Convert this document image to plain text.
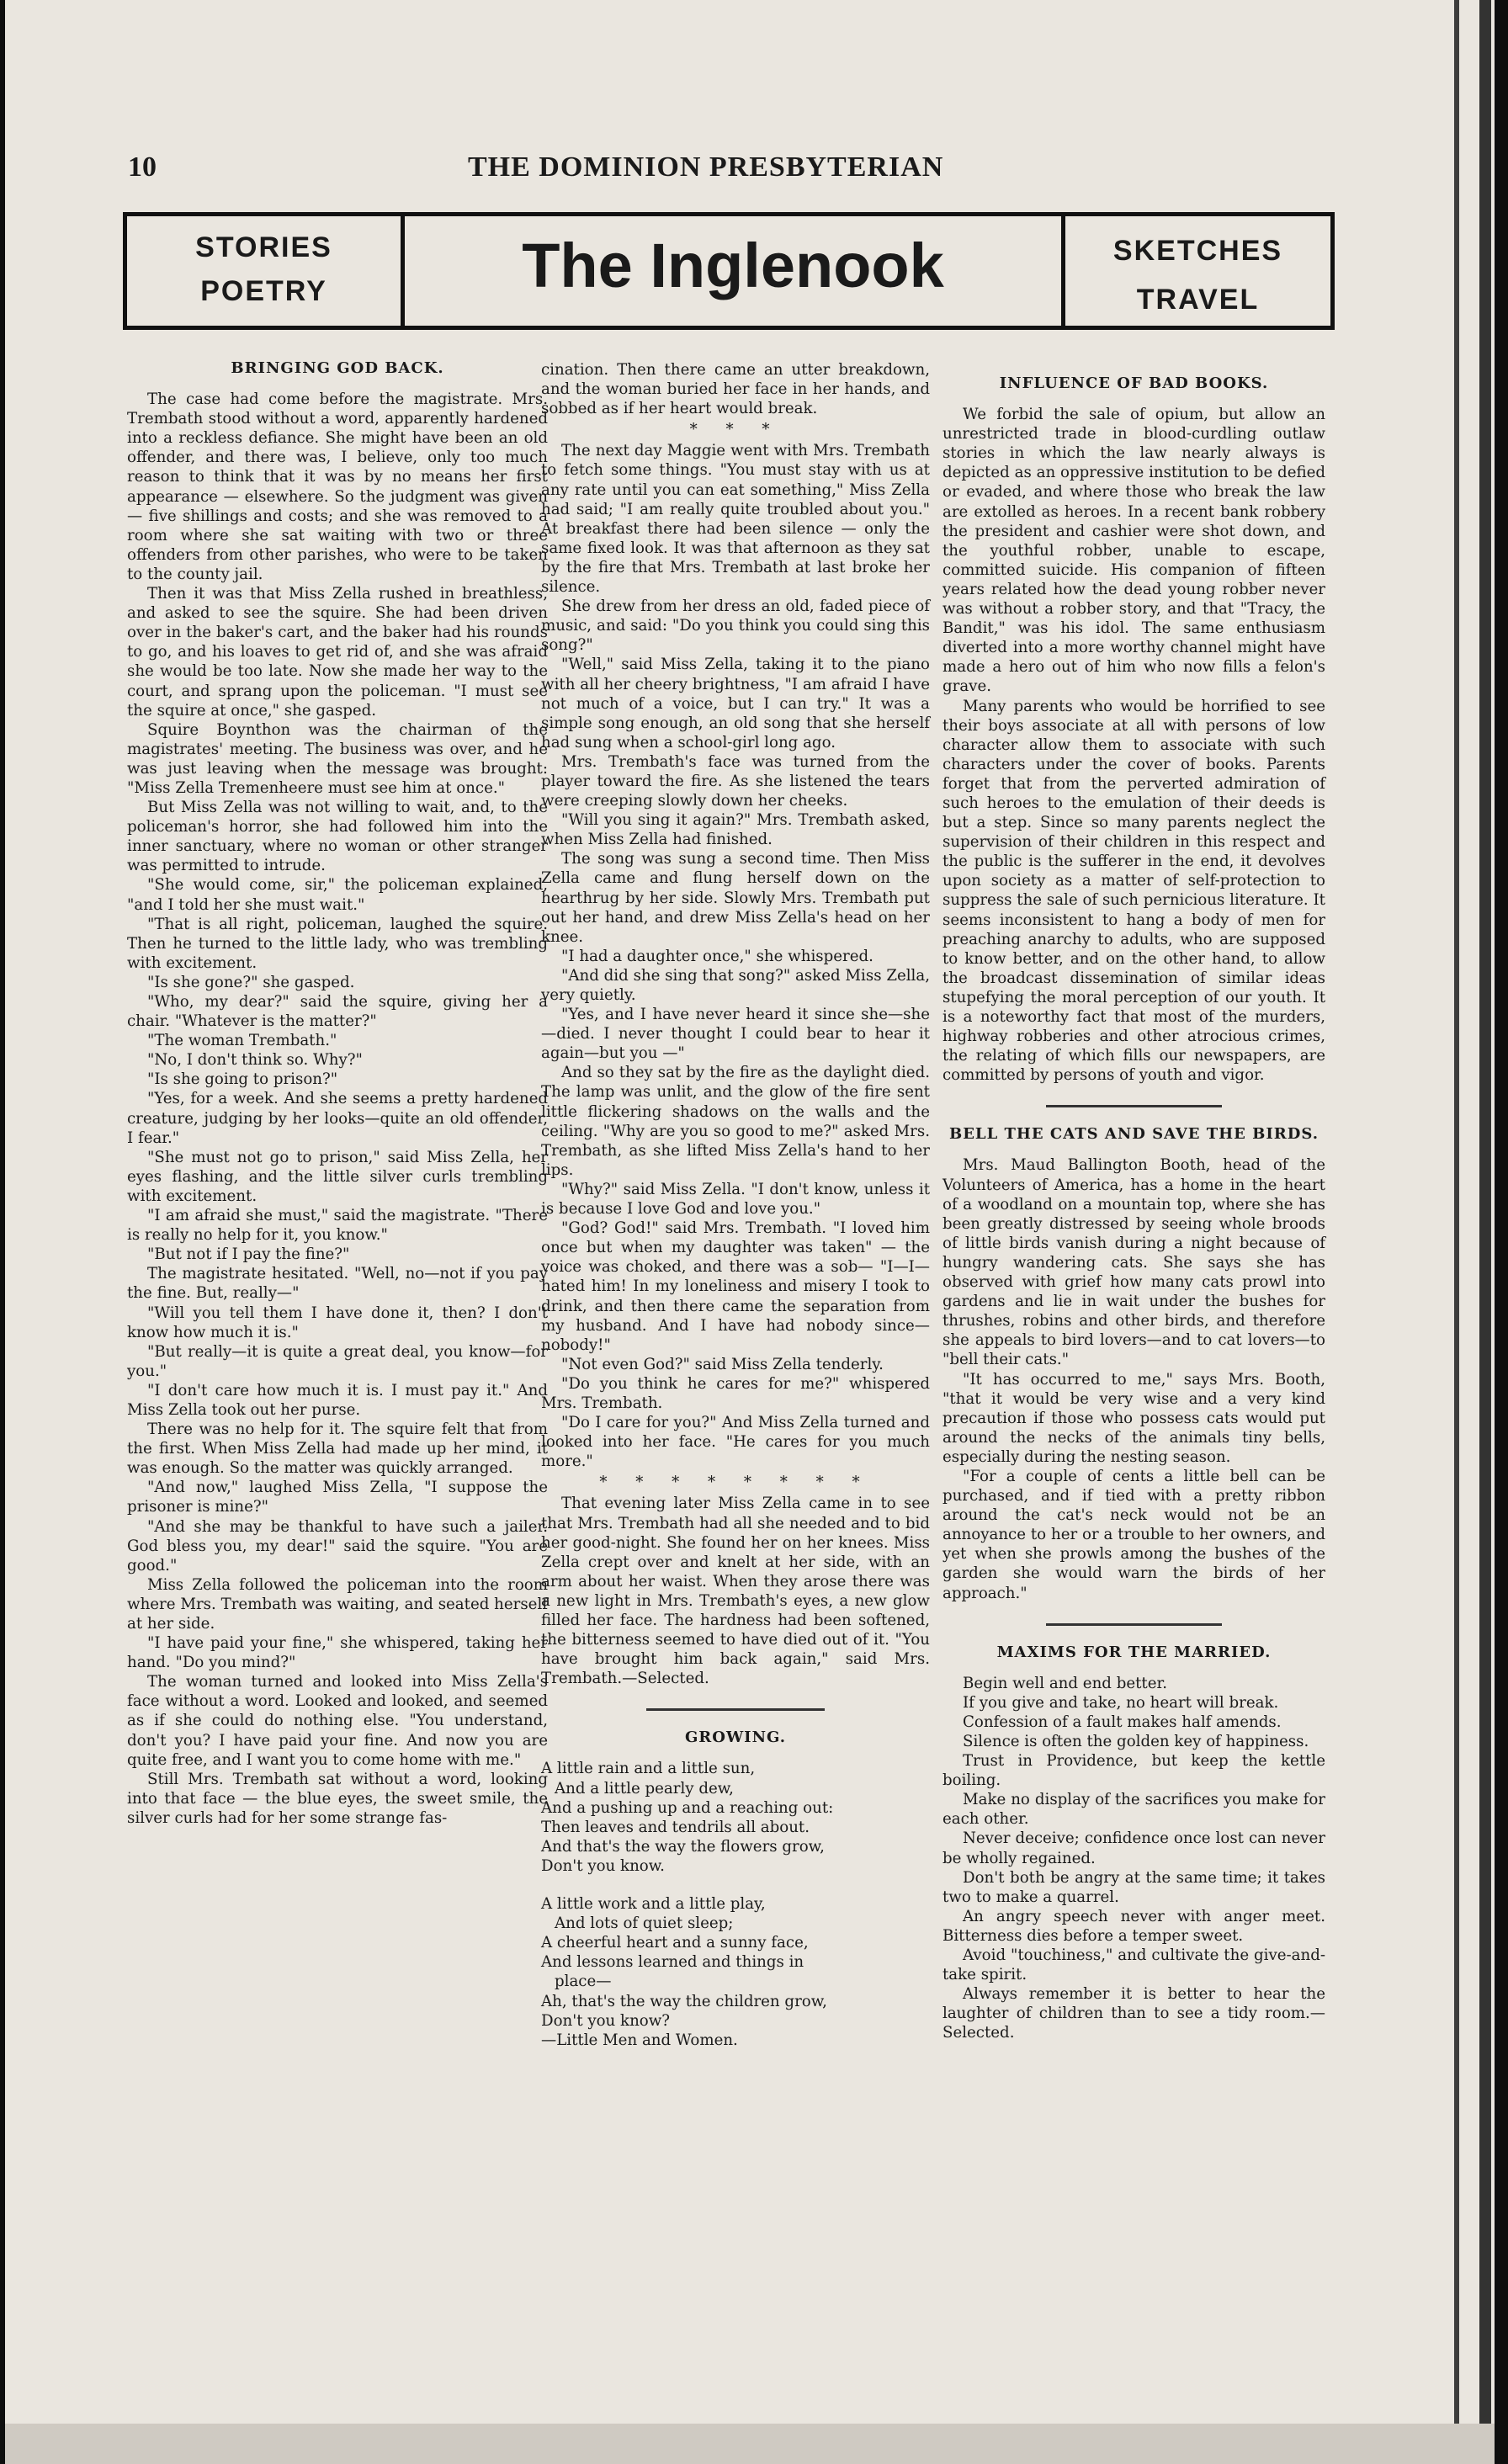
10	THE DOMINION PRESBYTERIAN
STORIES
POETRY	The Inglenook	SKETCHES
TRAVEL
BRINGING GOD BACK.

The case had come before the magistrate. Mrs. Trembath stood without a word, apparently hardened into a reckless defiance. She might have been an old offender, and there was, I believe, only too much reason to think that it was by no means her first appearance — elsewhere. So the judgment was given — five shillings and costs; and she was removed to a room where she sat waiting with two or three offenders from other parishes, who were to be taken to the county jail.

Then it was that Miss Zella rushed in breathless, and asked to see the squire. She had been driven over in the baker's cart, and the baker had his rounds to go, and his loaves to get rid of, and she was afraid she would be too late. Now she made her way to the court, and sprang upon the policeman. "I must see the squire at once," she gasped.

Squire Boynthon was the chairman of the magistrates' meeting. The business was over, and he was just leaving when the message was brought: "Miss Zella Tremenheere must see him at once."

But Miss Zella was not willing to wait, and, to the policeman's horror, she had followed him into the inner sanctuary, where no woman or other stranger was permitted to intrude.

"She would come, sir," the policeman explained, "and I told her she must wait."

"That is all right, policeman, laughed the squire. Then he turned to the little lady, who was trembling with excitement.

"Is she gone?" she gasped.

"Who, my dear?" said the squire, giving her a chair. "Whatever is the matter?"

"The woman Trembath."

"No, I don't think so. Why?"

"Is she going to prison?"

"Yes, for a week. And she seems a pretty hardened creature, judging by her looks—quite an old offender, I fear."

"She must not go to prison," said Miss Zella, her eyes flashing, and the little silver curls trembling with excitement.

"I am afraid she must," said the magistrate. "There is really no help for it, you know."

"But not if I pay the fine?"

The magistrate hesitated. "Well, no—not if you pay the fine. But, really—"

"Will you tell them I have done it, then? I don't know how much it is."

"But really—it is quite a great deal, you know—for you."

"I don't care how much it is. I must pay it." And Miss Zella took out her purse.

There was no help for it. The squire felt that from the first. When Miss Zella had made up her mind, it was enough. So the matter was quickly arranged.

"And now," laughed Miss Zella, "I suppose the prisoner is mine?"

"And she may be thankful to have such a jailer. God bless you, my dear!" said the squire. "You are good."

Miss Zella followed the policeman into the room where Mrs. Trembath was waiting, and seated herself at her side.

"I have paid your fine," she whispered, taking her hand. "Do you mind?"

The woman turned and looked into Miss Zella's face without a word. Looked and looked, and seemed as if she could do nothing else. "You understand, don't you? I have paid your fine. And now you are quite free, and I want you to come home with me."

Still Mrs. Trembath sat without a word, looking into that face — the blue eyes, the sweet smile, the silver curls had for her some strange fas-

cination. Then there came an utter breakdown, and the woman buried her face in her hands, and sobbed as if her heart would break.

* * *

The next day Maggie went with Mrs. Trembath to fetch some things. "You must stay with us at any rate until you can eat something," Miss Zella had said; "I am really quite troubled about you." At breakfast there had been silence — only the same fixed look. It was that afternoon as they sat by the fire that Mrs. Trembath at last broke her silence.

She drew from her dress an old, faded piece of music, and said: "Do you think you could sing this song?"

"Well," said Miss Zella, taking it to the piano with all her cheery brightness, "I am afraid I have not much of a voice, but I can try." It was a simple song enough, an old song that she herself had sung when a school-girl long ago.

Mrs. Trembath's face was turned from the player toward the fire. As she listened the tears were creeping slowly down her cheeks.

"Will you sing it again?" Mrs. Trembath asked, when Miss Zella had finished.

The song was sung a second time. Then Miss Zella came and flung herself down on the hearthrug by her side. Slowly Mrs. Trembath put out her hand, and drew Miss Zella's head on her knee.

"I had a daughter once," she whispered.

"And did she sing that song?" asked Miss Zella, very quietly.

"Yes, and I have never heard it since she—she—died. I never thought I could bear to hear it again—but you —"

And so they sat by the fire as the daylight died. The lamp was unlit, and the glow of the fire sent little flickering shadows on the walls and the ceiling. "Why are you so good to me?" asked Mrs. Trembath, as she lifted Miss Zella's hand to her lips.

"Why?" said Miss Zella. "I don't know, unless it is because I love God and love you."

"God? God!" said Mrs. Trembath. "I loved him once but when my daughter was taken" — the voice was choked, and there was a sob— "I—I—hated him! In my loneliness and misery I took to drink, and then there came the separation from my husband. And I have had nobody since—nobody!"

"Not even God?" said Miss Zella tenderly.

"Do you think he cares for me?" whispered Mrs. Trembath.

"Do I care for you?" And Miss Zella turned and looked into her face. "He cares for you much more."

* * * * * * * *

That evening later Miss Zella came in to see that Mrs. Trembath had all she needed and to bid her good-night. She found her on her knees. Miss Zella crept over and knelt at her side, with an arm about her waist. When they arose there was a new light in Mrs. Trembath's eyes, a new glow filled her face. The hardness had been softened, the bitterness seemed to have died out of it. "You have brought him back again," said Mrs. Trembath.—Selected.

GROWING.

A little rain and a little sun,

And a little pearly dew,

And a pushing up and a reaching out:

Then leaves and tendrils all about.

And that's the way the flowers grow,

Don't you know.

A little work and a little play,

And lots of quiet sleep;

A cheerful heart and a sunny face,

And lessons learned and things in

place—

Ah, that's the way the children grow,

Don't you know?

—Little Men and Women.

INFLUENCE OF BAD BOOKS.

We forbid the sale of opium, but allow an unrestricted trade in blood-curdling outlaw stories in which the law nearly always is depicted as an oppressive institution to be defied or evaded, and where those who break the law are extolled as heroes. In a recent bank robbery the president and cashier were shot down, and the youthful robber, unable to escape, committed suicide. His companion of fifteen years related how the dead young robber never was without a robber story, and that "Tracy, the Bandit," was his idol. The same enthusiasm diverted into a more worthy channel might have made a hero out of him who now fills a felon's grave.

Many parents who would be horrified to see their boys associate at all with persons of low character allow them to associate with such characters under the cover of books. Parents forget that from the perverted admiration of such heroes to the emulation of their deeds is but a step. Since so many parents neglect the supervision of their children in this respect and the public is the sufferer in the end, it devolves upon society as a matter of self-protection to suppress the sale of such pernicious literature. It seems inconsistent to hang a body of men for preaching anarchy to adults, who are supposed to know better, and on the other hand, to allow the broadcast dissemination of similar ideas stupefying the moral perception of our youth. It is a noteworthy fact that most of the murders, highway robberies and other atrocious crimes, the relating of which fills our newspapers, are committed by persons of youth and vigor.

BELL THE CATS AND SAVE THE BIRDS.

Mrs. Maud Ballington Booth, head of the Volunteers of America, has a home in the heart of a woodland on a mountain top, where she has been greatly distressed by seeing whole broods of little birds vanish during a night because of hungry wandering cats. She says she has observed with grief how many cats prowl into gardens and lie in wait under the bushes for thrushes, robins and other birds, and therefore she appeals to bird lovers—and to cat lovers—to "bell their cats."

"It has occurred to me," says Mrs. Booth, "that it would be very wise and a very kind precaution if those who possess cats would put around the necks of the animals tiny bells, especially during the nesting season.

"For a couple of cents a little bell can be purchased, and if tied with a pretty ribbon around the cat's neck would not be an annoyance to her or a trouble to her owners, and yet when she prowls among the bushes of the garden she would warn the birds of her approach."

MAXIMS FOR THE MARRIED.

Begin well and end better.

If you give and take, no heart will break.

Confession of a fault makes half amends.

Silence is often the golden key of happiness.

Trust in Providence, but keep the kettle boiling.

Make no display of the sacrifices you make for each other.

Never deceive; confidence once lost can never be wholly regained.

Don't both be angry at the same time; it takes two to make a quarrel.

An angry speech never with anger meet. Bitterness dies before a temper sweet.

Avoid "touchiness," and cultivate the give-and-take spirit.

Always remember it is better to hear the laughter of children than to see a tidy room.—Selected.
